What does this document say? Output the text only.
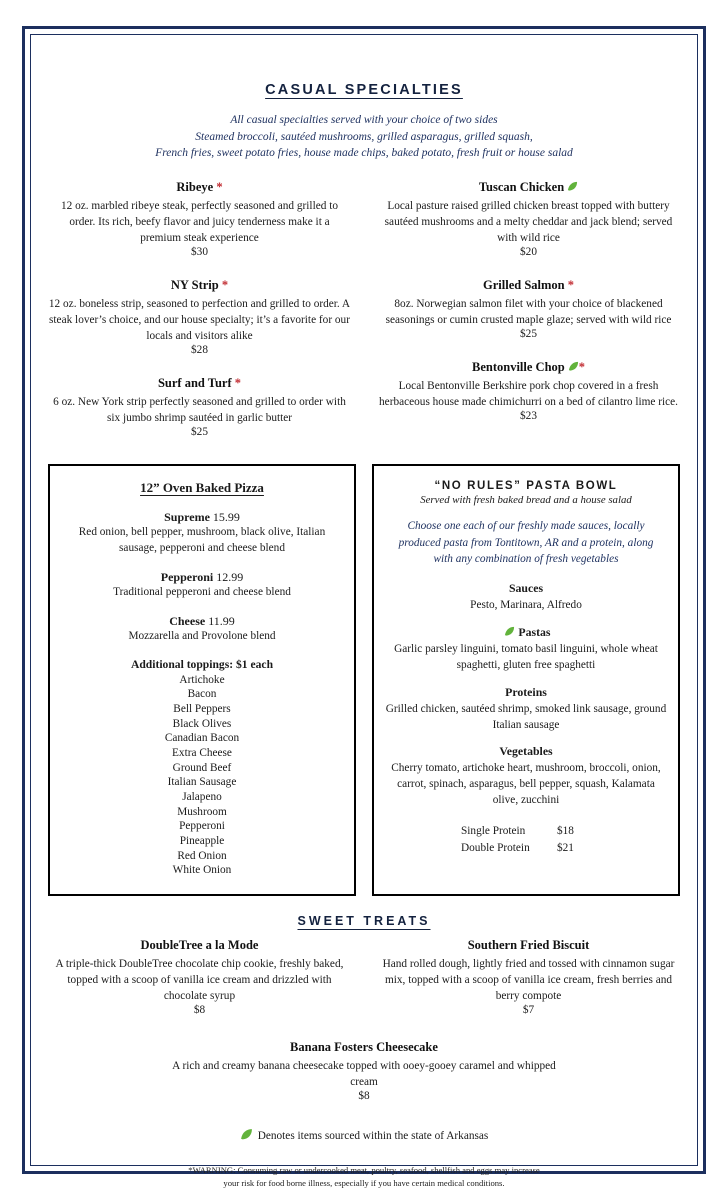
CASUAL SPECIALTIES
All casual specialties served with your choice of two sides
Steamed broccoli, sautéed mushrooms, grilled asparagus, grilled squash,
French fries, sweet potato fries, house made chips, baked potato, fresh fruit or house salad
Ribeye *
12 oz. marbled ribeye steak, perfectly seasoned and grilled to order. Its rich, beefy flavor and juicy tenderness make it a premium steak experience
$30
NY Strip *
12 oz. boneless strip, seasoned to perfection and grilled to order. A steak lover’s choice, and our house specialty; it’s a favorite for our locals and visitors alike
$28
Surf and Turf *
6 oz. New York strip perfectly seasoned and grilled to order with six jumbo shrimp sautéed in garlic butter
$25
Tuscan Chicken
Local pasture raised grilled chicken breast topped with buttery sautéed mushrooms and a melty cheddar and jack blend; served with wild rice
$20
Grilled Salmon *
8oz. Norwegian salmon filet with your choice of blackened seasonings or cumin crusted maple glaze; served with wild rice
$25
Bentonville Chop *
Local Bentonville Berkshire pork chop covered in a fresh herbaceous house made chimichurri on a bed of cilantro lime rice.
$23
12” Oven Baked Pizza
Supreme 15.99
Red onion, bell pepper, mushroom, black olive, Italian sausage, pepperoni and cheese blend
Pepperoni 12.99
Traditional pepperoni and cheese blend
Cheese 11.99
Mozzarella and Provolone blend
Additional toppings: $1 each
Artichoke
Bacon
Bell Peppers
Black Olives
Canadian Bacon
Extra Cheese
Ground Beef
Italian Sausage
Jalapeno
Mushroom
Pepperoni
Pineapple
Red Onion
White Onion
“NO RULES” PASTA BOWL
Served with fresh baked bread and a house salad
Choose one each of our freshly made sauces, locally produced pasta from Tontitown, AR and a protein, along with any combination of fresh vegetables
Sauces
Pesto, Marinara, Alfredo
Pastas
Garlic parsley linguini, tomato basil linguini, whole wheat spaghetti, gluten free spaghetti
Proteins
Grilled chicken, sautéed shrimp, smoked link sausage, ground Italian sausage
Vegetables
Cherry tomato, artichoke heart, mushroom, broccoli, onion, carrot, spinach, asparagus, bell pepper, squash, Kalamata olive, zucchini
Single Protein	$18
Double Protein $21
SWEET TREATS
DoubleTree a la Mode
A triple-thick DoubleTree chocolate chip cookie, freshly baked, topped with a scoop of vanilla ice cream and drizzled with chocolate syrup
$8
Southern Fried Biscuit
Hand rolled dough, lightly fried and tossed with cinnamon sugar mix, topped with a scoop of vanilla ice cream, fresh berries and berry compote
$7
Banana Fosters Cheesecake
A rich and creamy banana cheesecake topped with ooey-gooey caramel and whipped cream
$8
Denotes items sourced within the state of Arkansas
*WARNING: Consuming raw or undercooked meat, poultry, seafood, shellfish and eggs may increase
your risk for food borne illness, especially if you have certain medical conditions.
